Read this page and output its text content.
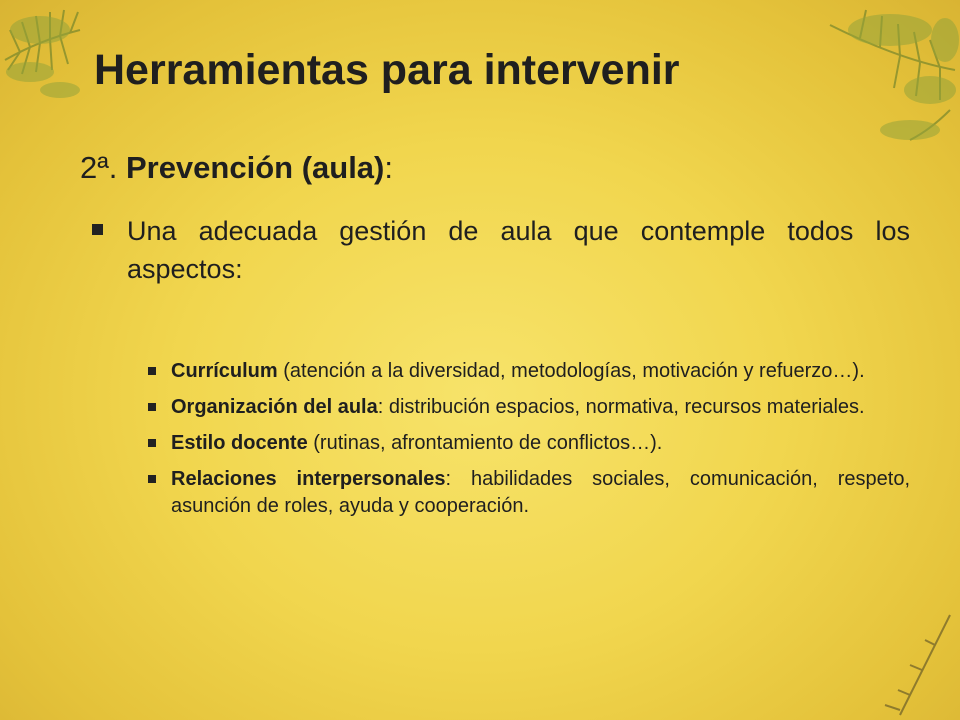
Herramientas para intervenir

2ª. Prevención (aula):

Una adecuada gestión de aula que contemple todos los aspectos:
Currículum (atención a la diversidad, metodologías, motivación y refuerzo…).
Organización del aula: distribución espacios, normativa, recursos materiales.
Estilo docente (rutinas, afrontamiento de conflictos…).
Relaciones interpersonales: habilidades sociales, comunicación, respeto, asunción de roles, ayuda y cooperación.
